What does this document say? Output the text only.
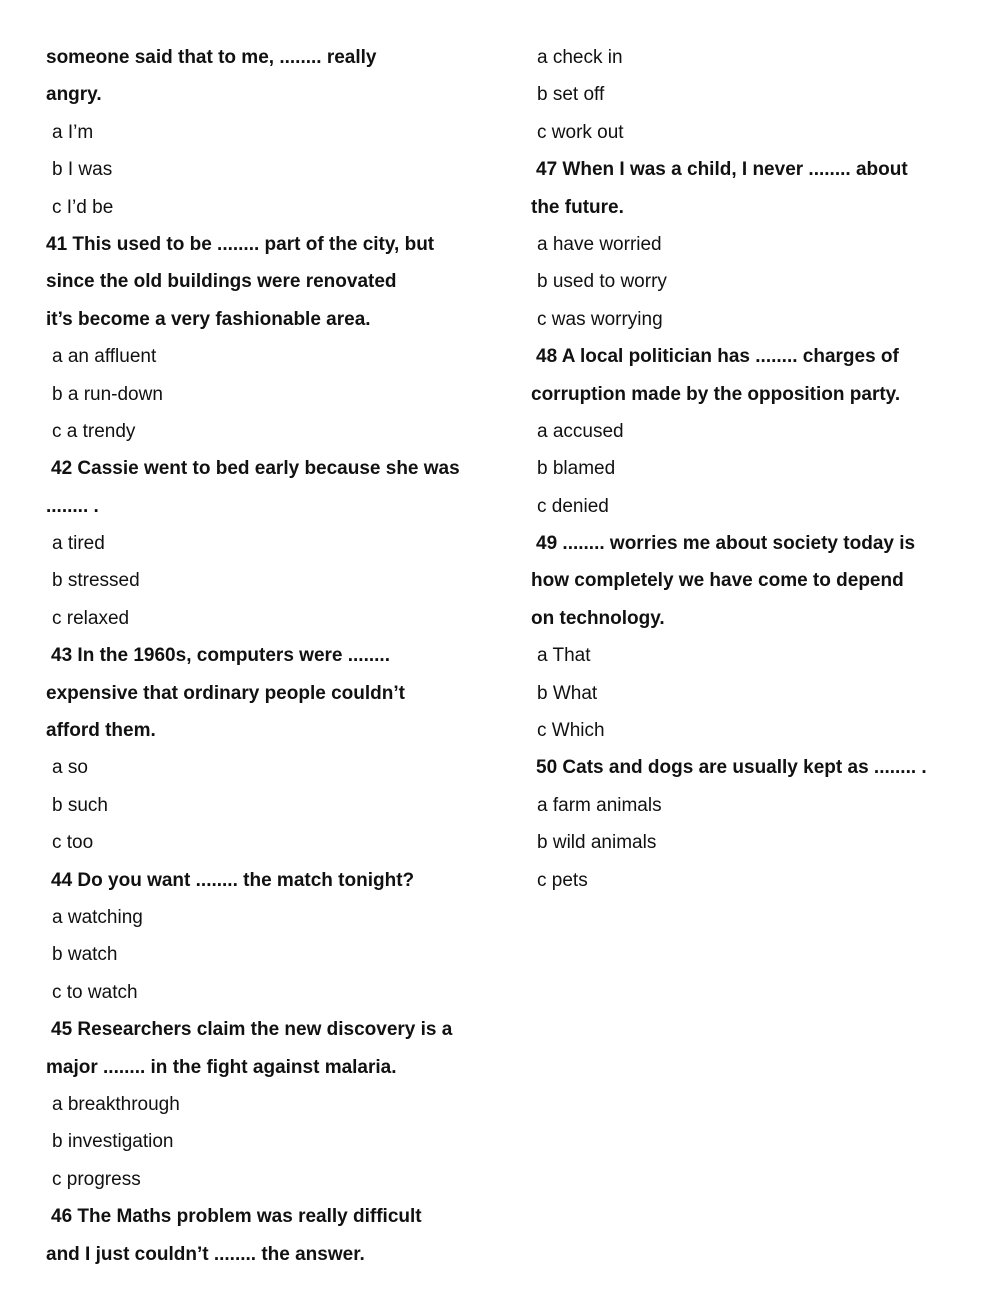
someone said that to me, ........ really
angry.
a I’m
b I was
c I’d be
41 This used to be ........ part of the city, but
since the old buildings were renovated
it’s become a very fashionable area.
a an affluent
b a run-down
c a trendy
42 Cassie went to bed early because she was
........ .
a tired
b stressed
c relaxed
43 In the 1960s, computers were ........
expensive that ordinary people couldn’t
afford them.
a so
b such
c too
44 Do you want ........ the match tonight?
a watching
b watch
c to watch
45 Researchers claim the new discovery is a
major ........ in the fight against malaria.
a breakthrough
b investigation
c progress
46 The Maths problem was really difficult
and I just couldn’t ........ the answer.
a check in
b set off
c work out
47 When I was a child, I never ........ about
the future.
a have worried
b used to worry
c was worrying
48 A local politician has ........ charges of
corruption made by the opposition party.
a accused
b blamed
c denied
49 ........ worries me about society today is
how completely we have come to depend
on technology.
a That
b What
c Which
50 Cats and dogs are usually kept as ........ .
a farm animals
b wild animals
c pets
